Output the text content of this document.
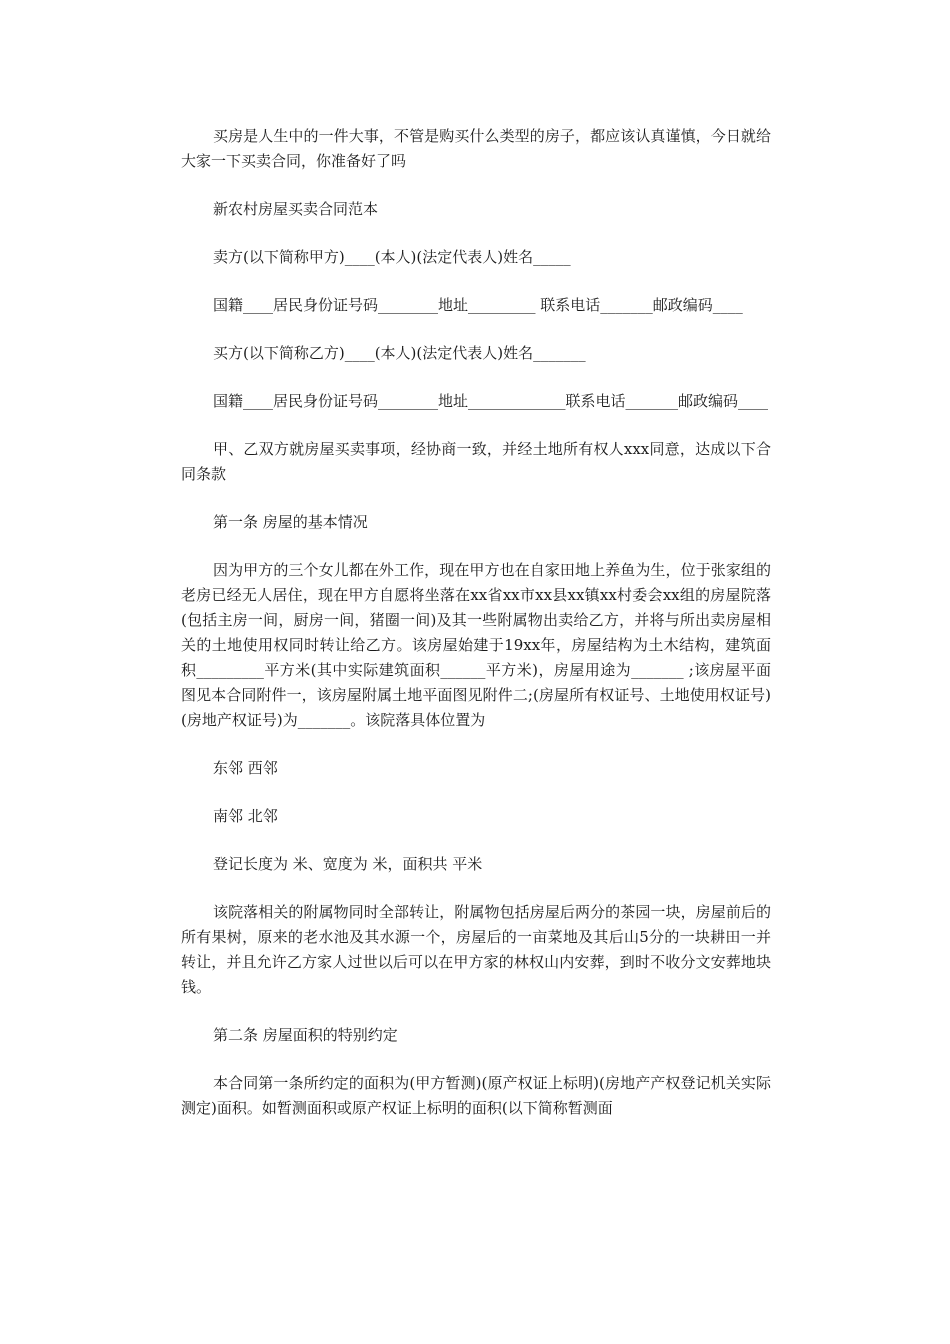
买房是人生中的一件大事，不管是购买什么类型的房子，都应该认真谨慎，今日就给大家一下买卖合同，你准备好了吗

新农村房屋买卖合同范本

卖方(以下简称甲方)____(本人)(法定代表人)姓名_____

国籍____居民身份证号码________地址_________ 联系电话_______邮政编码____

买方(以下简称乙方)____(本人)(法定代表人)姓名_______

国籍____居民身份证号码________地址_____________联系电话_______邮政编码____

甲、乙双方就房屋买卖事项，经协商一致，并经土地所有权人xxx同意，达成以下合同条款

第一条 房屋的基本情况

因为甲方的三个女儿都在外工作，现在甲方也在自家田地上养鱼为生，位于张家组的老房已经无人居住，现在甲方自愿将坐落在xx省xx市xx县xx镇xx村委会xx组的房屋院落(包括主房一间，厨房一间，猪圈一间)及其一些附属物出卖给乙方，并将与所出卖房屋相关的土地使用权同时转让给乙方。该房屋始建于19xx年，房屋结构为土木结构，建筑面积_________平方米(其中实际建筑面积______平方米)，房屋用途为_______ ;该房屋平面图见本合同附件一，该房屋附属土地平面图见附件二;(房屋所有权证号、土地使用权证号)(房地产权证号)为_______。该院落具体位置为

东邻 西邻

南邻 北邻

登记长度为 米、宽度为 米，面积共 平米

该院落相关的附属物同时全部转让，附属物包括房屋后两分的茶园一块，房屋前后的所有果树，原来的老水池及其水源一个，房屋后的一亩菜地及其后山5分的一块耕田一并转让，并且允许乙方家人过世以后可以在甲方家的林权山内安葬，到时不收分文安葬地块钱。

第二条 房屋面积的特别约定

本合同第一条所约定的面积为(甲方暂测)(原产权证上标明)(房地产产权登记机关实际测定)面积。如暂测面积或原产权证上标明的面积(以下简称暂测面
